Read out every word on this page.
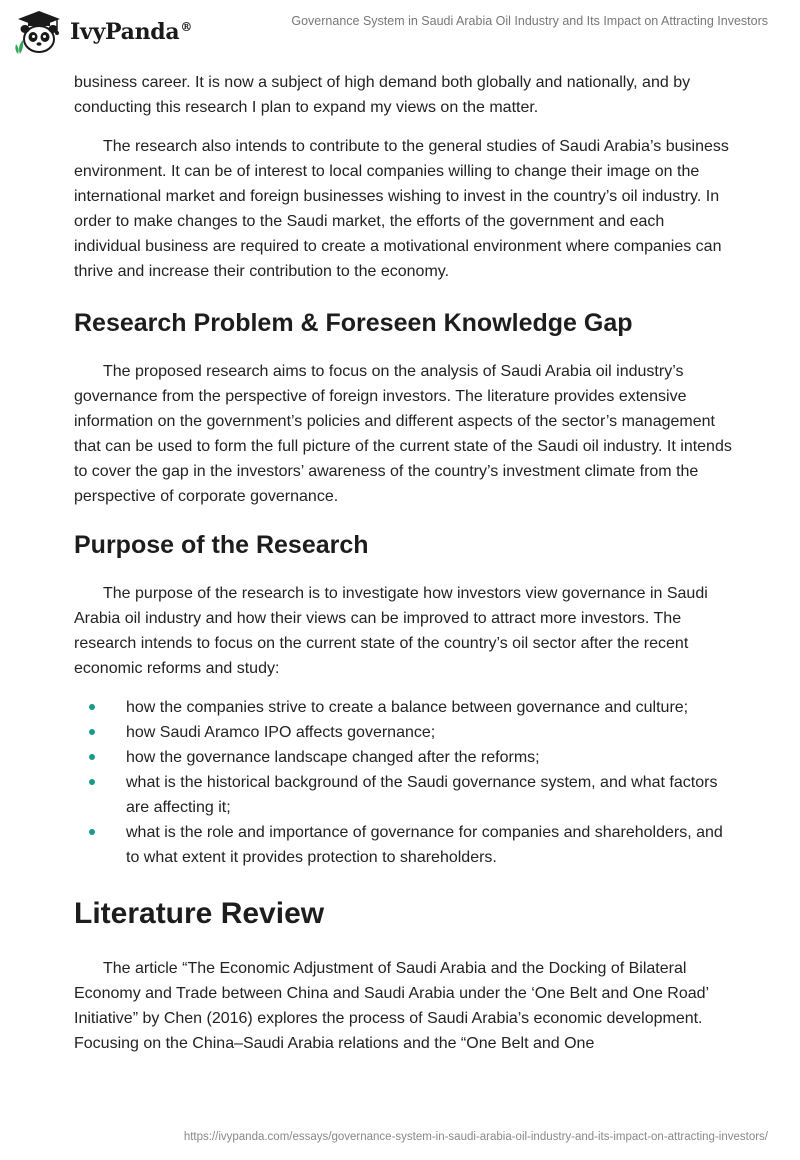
IvyPanda®	Governance System in Saudi Arabia Oil Industry and Its Impact on Attracting Investors

business career. It is now a subject of high demand both globally and nationally, and by conducting this research I plan to expand my views on the matter.

The research also intends to contribute to the general studies of Saudi Arabia’s business environment. It can be of interest to local companies willing to change their image on the international market and foreign businesses wishing to invest in the country’s oil industry. In order to make changes to the Saudi market, the efforts of the government and each individual business are required to create a motivational environment where companies can thrive and increase their contribution to the economy.

Research Problem & Foreseen Knowledge Gap

The proposed research aims to focus on the analysis of Saudi Arabia oil industry’s governance from the perspective of foreign investors. The literature provides extensive information on the government’s policies and different aspects of the sector’s management that can be used to form the full picture of the current state of the Saudi oil industry. It intends to cover the gap in the investors’ awareness of the country’s investment climate from the perspective of corporate governance.

Purpose of the Research

The purpose of the research is to investigate how investors view governance in Saudi Arabia oil industry and how their views can be improved to attract more investors. The research intends to focus on the current state of the country’s oil sector after the recent economic reforms and study:

how the companies strive to create a balance between governance and culture;
how Saudi Aramco IPO affects governance;
how the governance landscape changed after the reforms;
what is the historical background of the Saudi governance system, and what factors are affecting it;
what is the role and importance of governance for companies and shareholders, and to what extent it provides protection to shareholders.
Literature Review

The article “The Economic Adjustment of Saudi Arabia and the Docking of Bilateral Economy and Trade between China and Saudi Arabia under the ‘One Belt and One Road’ Initiative” by Chen (2016) explores the process of Saudi Arabia’s economic development. Focusing on the China–Saudi Arabia relations and the “One Belt and One

https://ivypanda.com/essays/governance-system-in-saudi-arabia-oil-industry-and-its-impact-on-attracting-investors/
